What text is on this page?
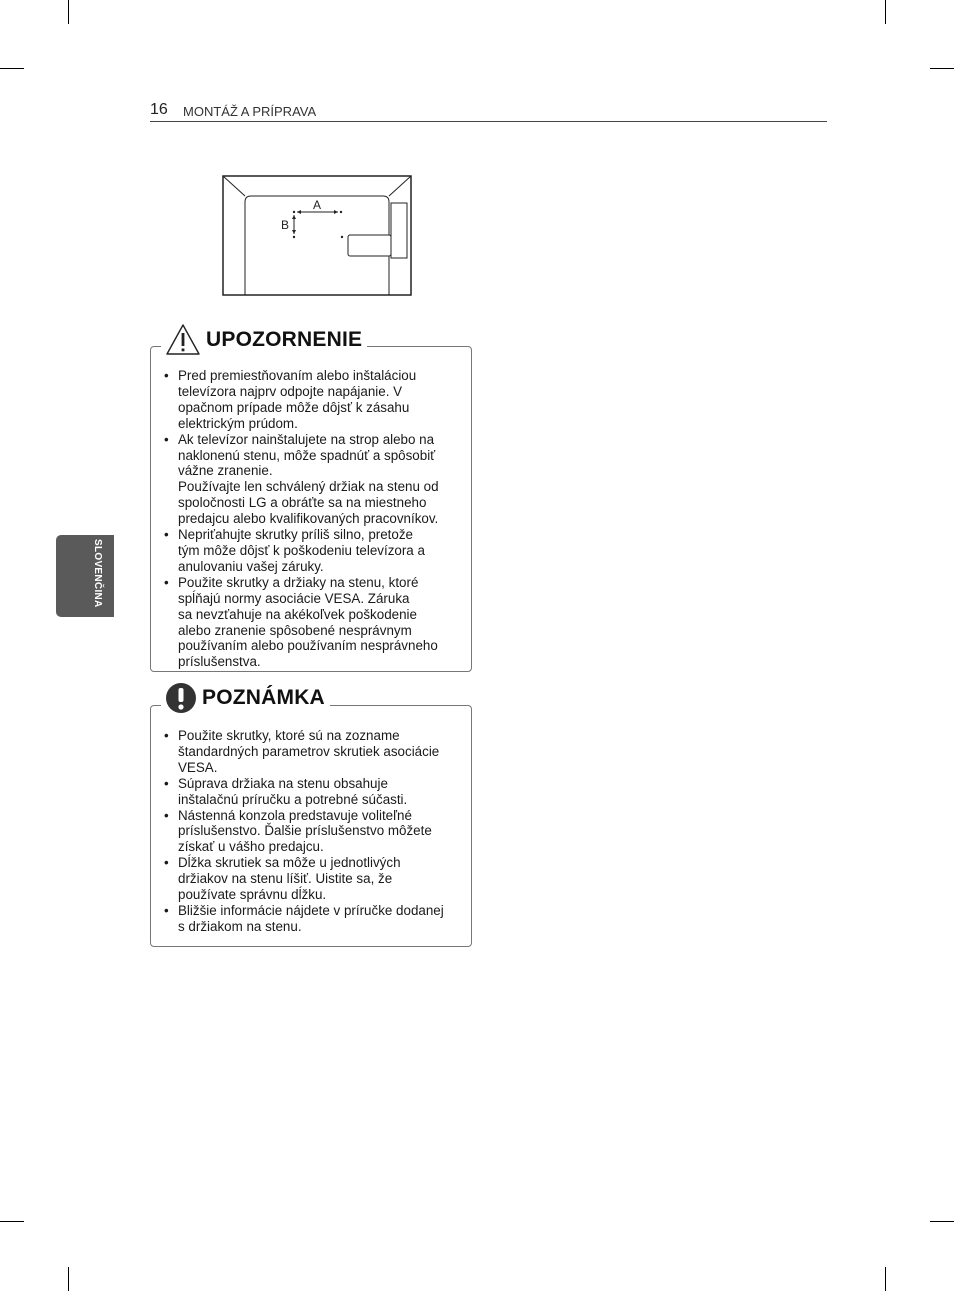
16 MONTÁŽ A PRÍPRAVA
SLOVENČINA
A
B
UPOZORNENIE
• Pred premiestňovaním alebo inštaláciou
televízora najprv odpojte napájanie. V
opačnom prípade môže dôjsť k zásahu
elektrickým prúdom.
• Ak televízor nainštalujete na strop alebo na
naklonenú stenu, môže spadnúť a spôsobiť
vážne zranenie.
Používajte len schválený držiak na stenu od
spoločnosti LG a obráťte sa na miestneho
predajcu alebo kvalifikovaných pracovníkov.
• Nepriťahujte skrutky príliš silno, pretože
tým môže dôjsť k poškodeniu televízora a
anulovaniu vašej záruky.
• Použite skrutky a držiaky na stenu, ktoré
spĺňajú normy asociácie VESA. Záruka
sa nevzťahuje na akékoľvek poškodenie
alebo zranenie spôsobené nesprávnym
používaním alebo používaním nesprávneho
príslušenstva.
POZNÁMKA
• Použite skrutky, ktoré sú na zozname
štandardných parametrov skrutiek asociácie
VESA.
• Súprava držiaka na stenu obsahuje
inštalačnú príručku a potrebné súčasti.
• Nástenná konzola predstavuje voliteľné
príslušenstvo. Ďalšie príslušenstvo môžete
získať u vášho predajcu.
• Dĺžka skrutiek sa môže u jednotlivých
držiakov na stenu líšiť. Uistite sa, že
používate správnu dĺžku.
• Bližšie informácie nájdete v príručke dodanej
s držiakom na stenu.
